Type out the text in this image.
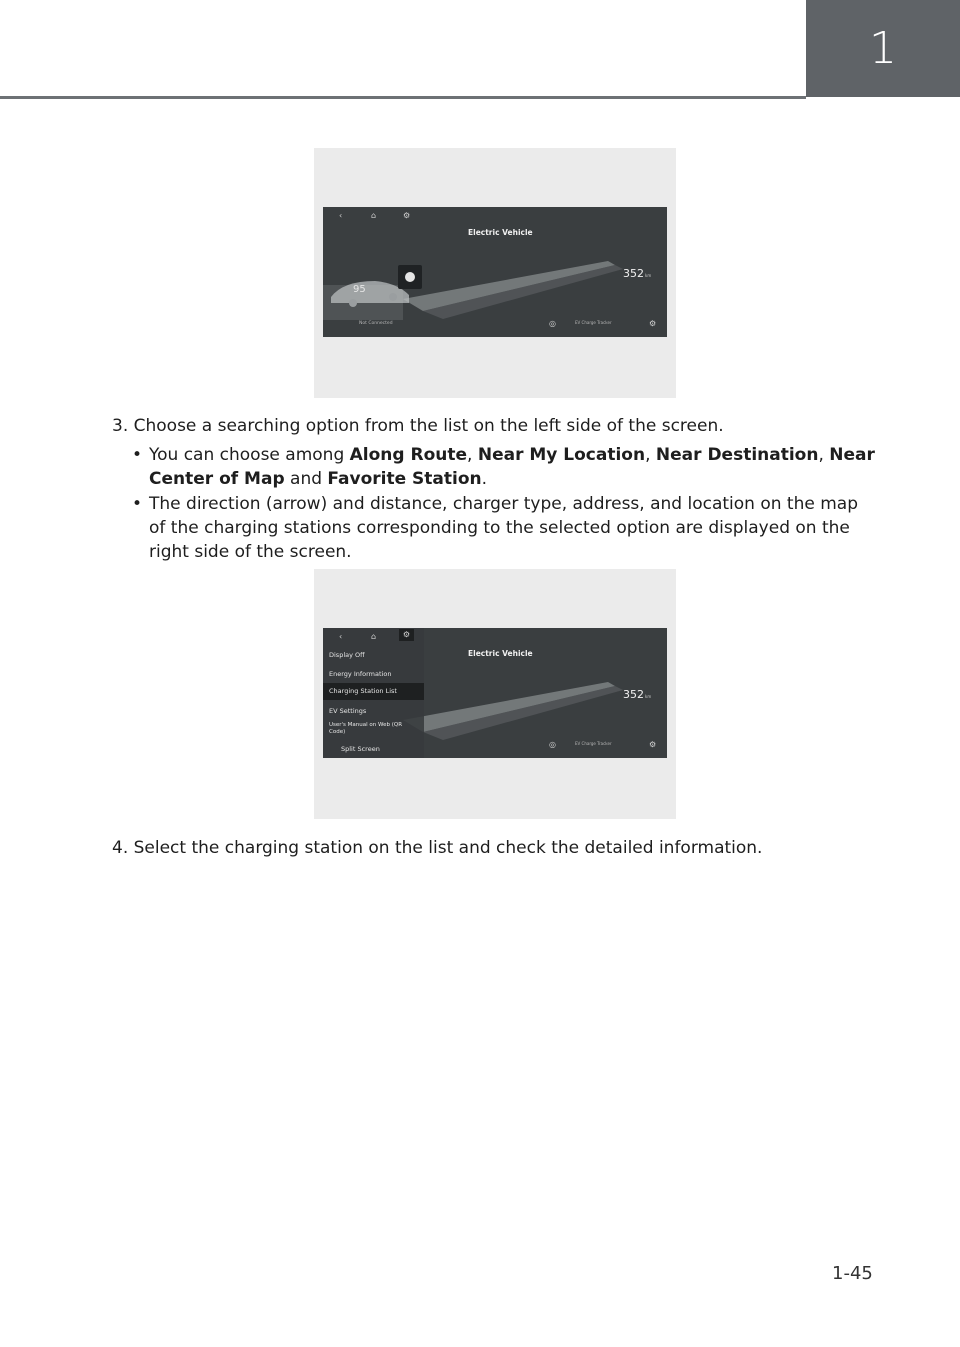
1
‹	⌂	⚙
Electric Vehicle
95
352km
Not Connected	◎	EV Charge Tracker	⚙
3. Choose a searching option from the list on the left side of the screen.
• You can choose among Along Route, Near My Location, Near Destination, Near Center of Map and Favorite Station.
• The direction (arrow) and distance, charger type, address, and location on the map of the charging stations corresponding to the selected option are displayed on the right side of the screen.
‹	⌂	⚙
Display Off
Energy Information
Charging Station List
EV Settings
User's Manual on Web (QR Code)
Split Screen
Electric Vehicle
352km
◎	EV Charge Tracker	⚙
4. Select the charging station on the list and check the detailed information.
1-45
